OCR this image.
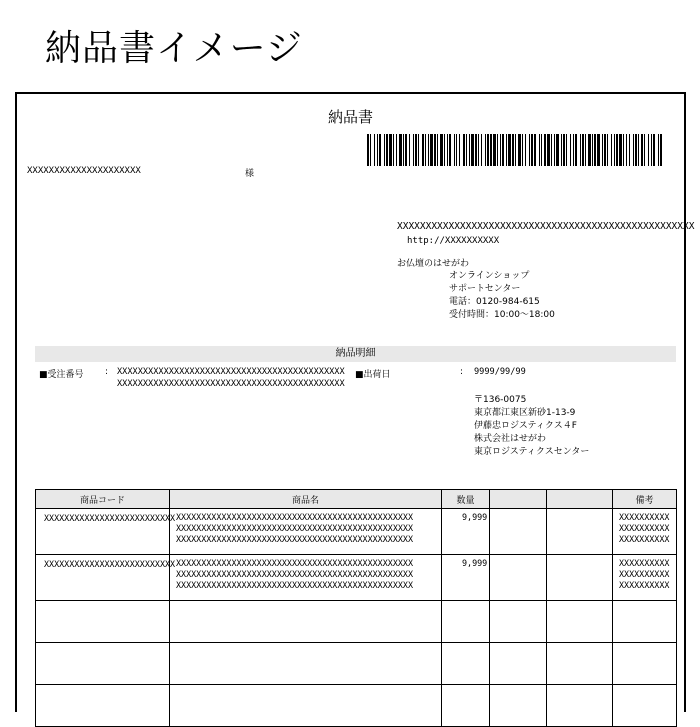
納品書イメージ
納品書
XXXXXXXXXXXXXXXXXXXXX	様
XXXXXXXXXXXXXXXXXXXXXXXXXXXXXXXXXXXXXXXXXXXXXXXXXXXX
http://XXXXXXXXXX
お仏壇のはせがわ
オンラインショップ
サポートセンター
電話：0120-984-615
受付時間：10:00〜18:00
納品明細
■受注番号 : XXXXXXXXXXXXXXXXXXXXXXXXXXXXXXXXXXXXXXXXXXXX
XXXXXXXXXXXXXXXXXXXXXXXXXXXXXXXXXXXXXXXXXXXX
■出荷日	: 9999/99/99
〒136-0075
東京都江東区新砂1-13-9
伊藤忠ロジスティクス４F
株式会社はせがわ
東京ロジスティクスセンター
商品コード	商品名	数量			備考
XXXXXXXXXXXXXXXXXXXXXXXXXX	XXXXXXXXXXXXXXXXXXXXXXXXXXXXXXXXXXXXXXXXXXXXXXX
XXXXXXXXXXXXXXXXXXXXXXXXXXXXXXXXXXXXXXXXXXXXXXX
XXXXXXXXXXXXXXXXXXXXXXXXXXXXXXXXXXXXXXXXXXXXXXX	9,999			XXXXXXXXXX
XXXXXXXXXX
XXXXXXXXXX

XXXXXXXXXXXXXXXXXXXXXXXXXX	XXXXXXXXXXXXXXXXXXXXXXXXXXXXXXXXXXXXXXXXXXXXXXX
XXXXXXXXXXXXXXXXXXXXXXXXXXXXXXXXXXXXXXXXXXXXXXX
XXXXXXXXXXXXXXXXXXXXXXXXXXXXXXXXXXXXXXXXXXXXXXX	9,999			XXXXXXXXXX
XXXXXXXXXX
XXXXXXXXXX
